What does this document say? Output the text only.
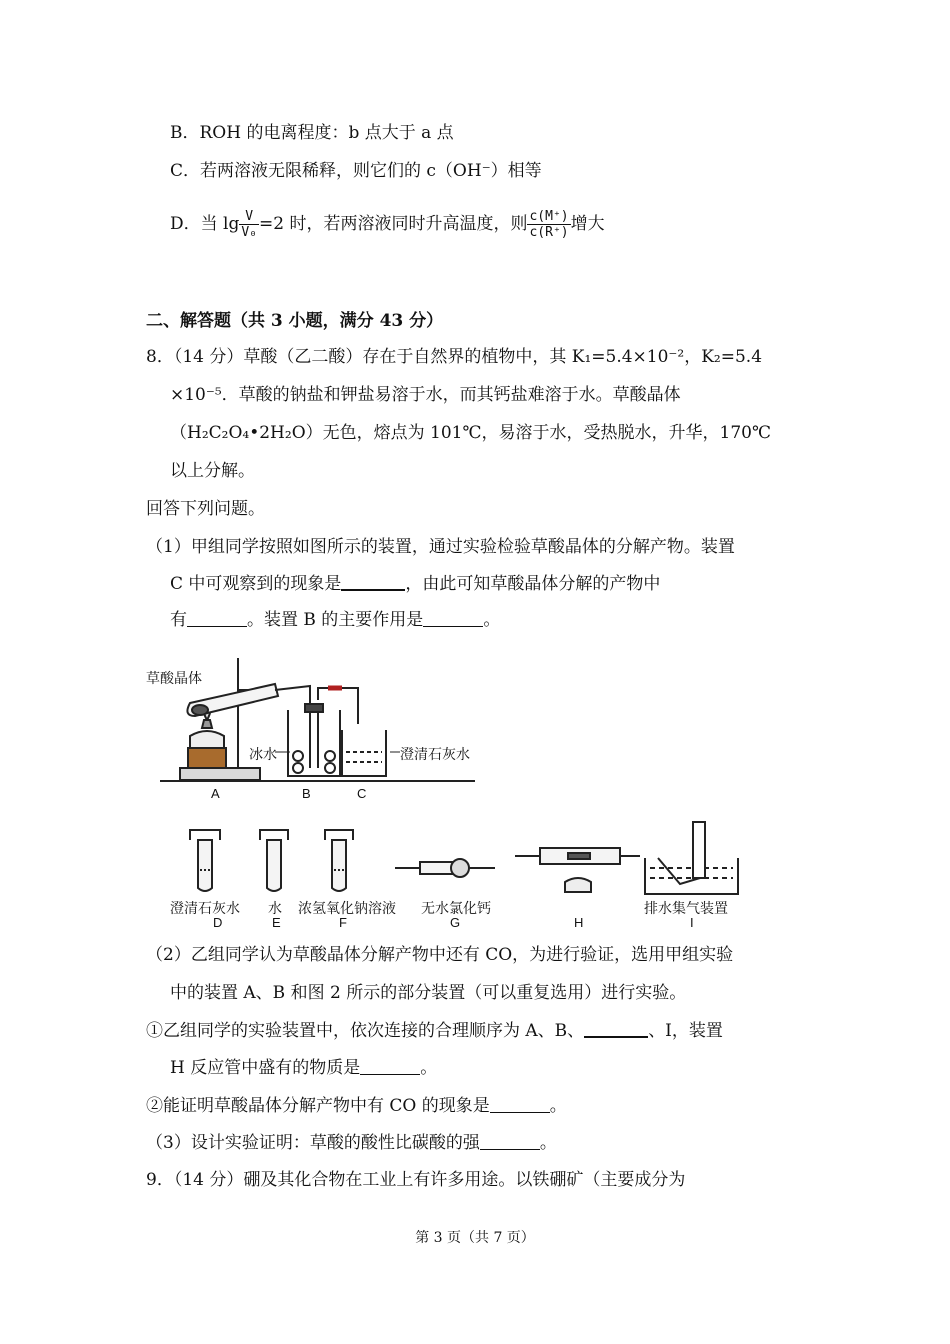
B．ROH 的电离程度：b 点大于 a 点
C．若两溶液无限稀释，则它们的 c（OH⁻）相等
D．当 $\lg \frac{V}{\text{V₀}} =2$ 时，若两溶液同时升高温度，则 $\frac{c(M^+)}{c(R^+)}$ 增大
二、解答题（共 3 小题，满分 43 分）
8．（14 分）草酸（乙二酸）存在于自然界的植物中，其 K₁=5.4×10⁻²，K₂=5.4
×10⁻⁵．草酸的钠盐和钾盐易溶于水，而其钙盐难溶于水。草酸晶体
（H₂C₂O₄•2H₂O）无色，熔点为 101℃，易溶于水，受热脱水，升华，170℃
以上分解。
回答下列问题。
（1）甲组同学按照如图所示的装置，通过实验检验草酸晶体的分解产物。装置
C 中可观察到的现象是	，由此可知草酸晶体分解的产物中
有	。装置 B 的主要作用是	。
草酸晶体
冰水	澄清石灰水
A	B	C
澄清石灰水 水 浓氢氧化钠溶液 无水氯化钙	排水集气装置
D	E	F	G	H	I
（2）乙组同学认为草酸晶体分解产物中还有 CO，为进行验证，选用甲组实验
中的装置 A、B 和图 2 所示的部分装置（可以重复选用）进行实验。
①乙组同学的实验装置中，依次连接的合理顺序为 A、B、	、I，装置
H 反应管中盛有的物质是	。
②能证明草酸晶体分解产物中有 CO 的现象是	。
（3）设计实验证明：草酸的酸性比碳酸的强	。
9．（14 分）硼及其化合物在工业上有许多用途。以铁硼矿（主要成分为
第 3 页（共 7 页）
